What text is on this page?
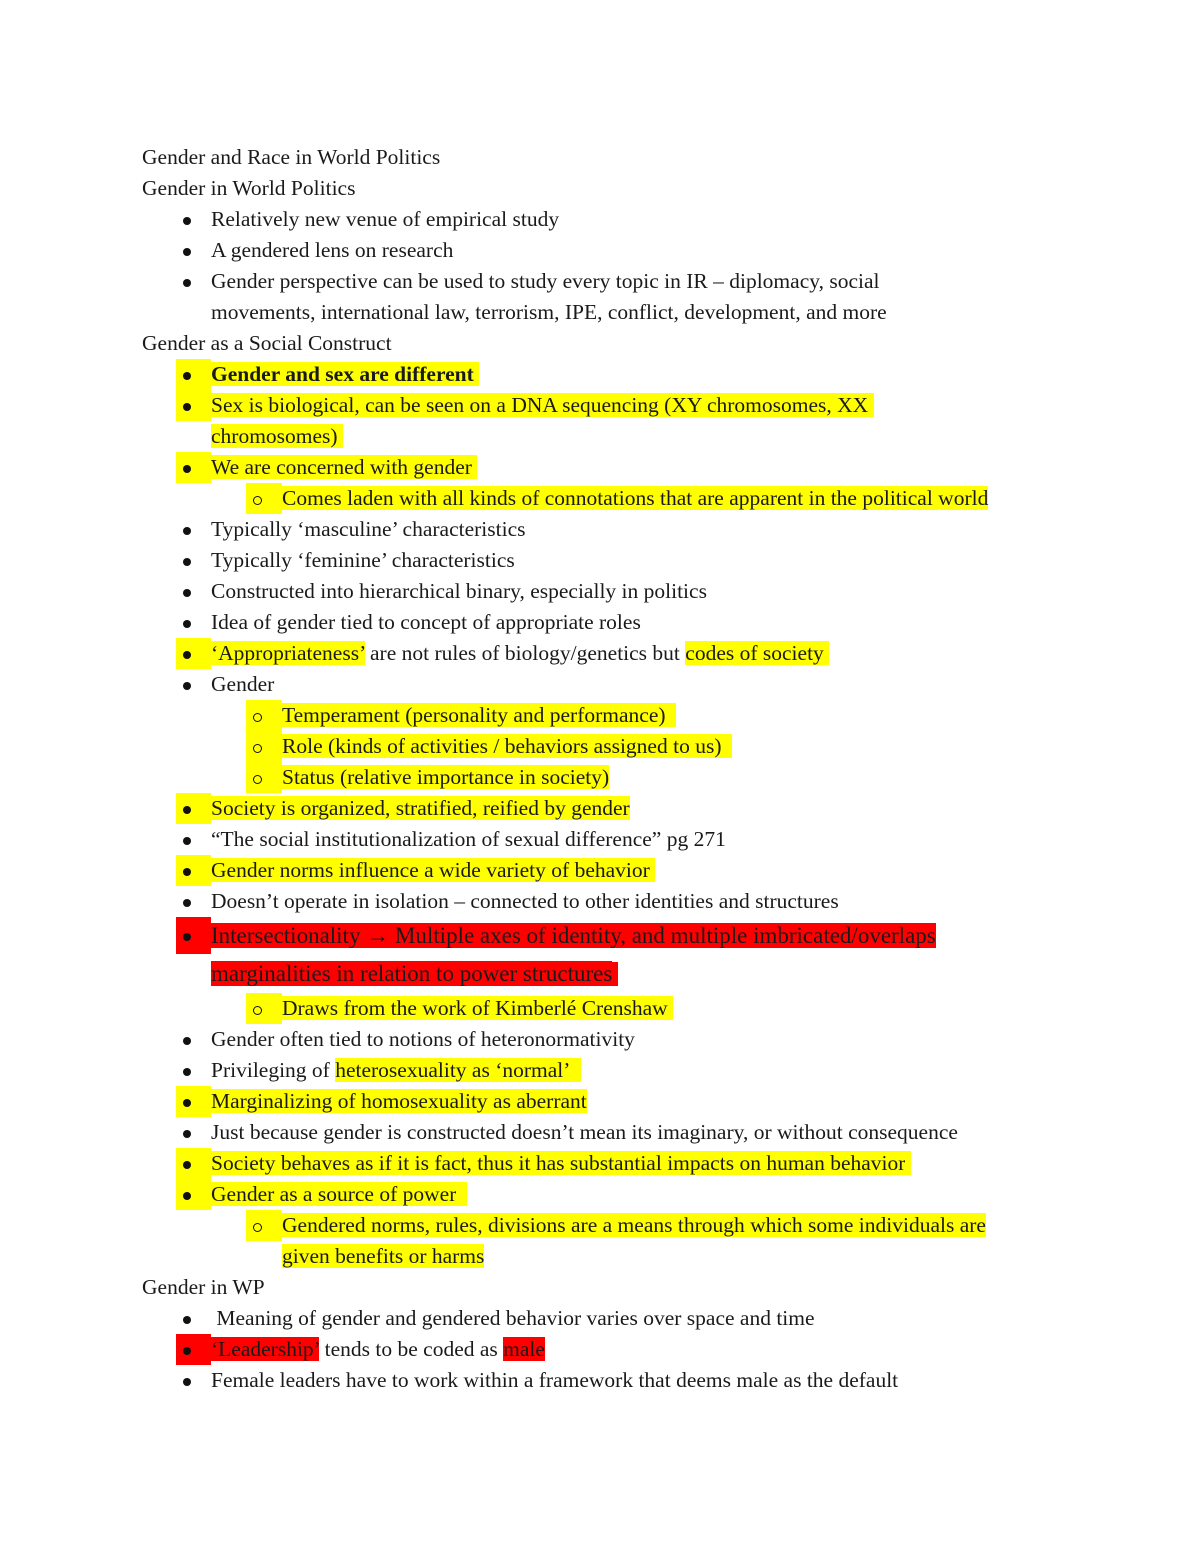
Gender and Race in World Politics
Gender in World Politics
Relatively new venue of empirical study
A gendered lens on research
Gender perspective can be used to study every topic in IR – diplomacy, social
movements, international law, terrorism, IPE, conflict, development, and more
Gender as a Social Construct
Gender and sex are different
Sex is biological, can be seen on a DNA sequencing (XY chromosomes, XX
chromosomes)
We are concerned with gender
Comes laden with all kinds of connotations that are apparent in the political world
Typically ‘masculine’ characteristics
Typically ‘feminine’ characteristics
Constructed into hierarchical binary, especially in politics
Idea of gender tied to concept of appropriate roles
‘Appropriateness’ are not rules of biology/genetics but codes of society
Gender
Temperament (personality and performance)
Role (kinds of activities / behaviors assigned to us)
Status (relative importance in society)
Society is organized, stratified, reified by gender
“The social institutionalization of sexual difference” pg 271
Gender norms influence a wide variety of behavior
Doesn’t operate in isolation – connected to other identities and structures
Intersectionality → Multiple axes of identity, and multiple imbricated/overlaps
marginalities in relation to power structures
Draws from the work of Kimberlé Crenshaw
Gender often tied to notions of heteronormativity
Privileging of heterosexuality as ‘normal’
Marginalizing of homosexuality as aberrant
Just because gender is constructed doesn’t mean its imaginary, or without consequence
Society behaves as if it is fact, thus it has substantial impacts on human behavior
Gender as a source of power
Gendered norms, rules, divisions are a means through which some individuals are
given benefits or harms
Gender in WP
Meaning of gender and gendered behavior varies over space and time
‘Leadership’ tends to be coded as male
Female leaders have to work within a framework that deems male as the default
